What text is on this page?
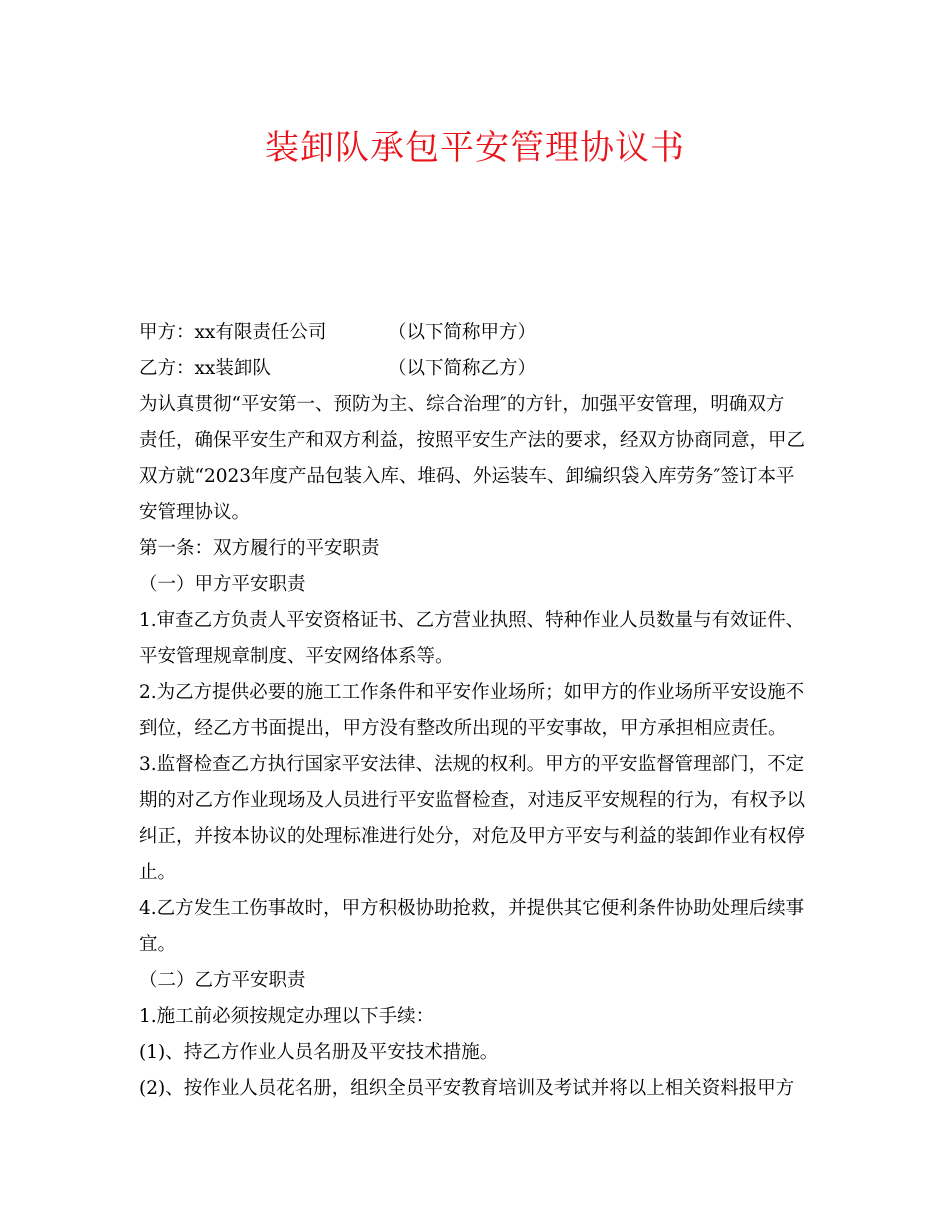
装卸队承包平安管理协议书
甲方：xx有限责任公司	（以下简称甲方）
乙方：xx装卸队	（以下简称乙方）
为认真贯彻“平安第一、预防为主、综合治理″的方针，加强平安管理，明确双方
责任，确保平安生产和双方利益，按照平安生产法的要求，经双方协商同意，甲乙
双方就“2023年度产品包装入库、堆码、外运装车、卸编织袋入库劳务″签订本平
安管理协议。
第一条：双方履行的平安职责
（一）甲方平安职责
1.审查乙方负责人平安资格证书、乙方营业执照、特种作业人员数量与有效证件、
平安管理规章制度、平安网络体系等。
2.为乙方提供必要的施工工作条件和平安作业场所；如甲方的作业场所平安设施不
到位，经乙方书面提出，甲方没有整改所出现的平安事故，甲方承担相应责任。
3.监督检查乙方执行国家平安法律、法规的权利。甲方的平安监督管理部门，不定
期的对乙方作业现场及人员进行平安监督检查，对违反平安规程的行为，有权予以
纠正，并按本协议的处理标准进行处分，对危及甲方平安与利益的装卸作业有权停
止。
4.乙方发生工伤事故时，甲方积极协助抢救，并提供其它便利条件协助处理后续事
宜。
（二）乙方平安职责
1.施工前必须按规定办理以下手续：
(1)、持乙方作业人员名册及平安技术措施。
(2)、按作业人员花名册，组织全员平安教育培训及考试并将以上相关资料报甲方
